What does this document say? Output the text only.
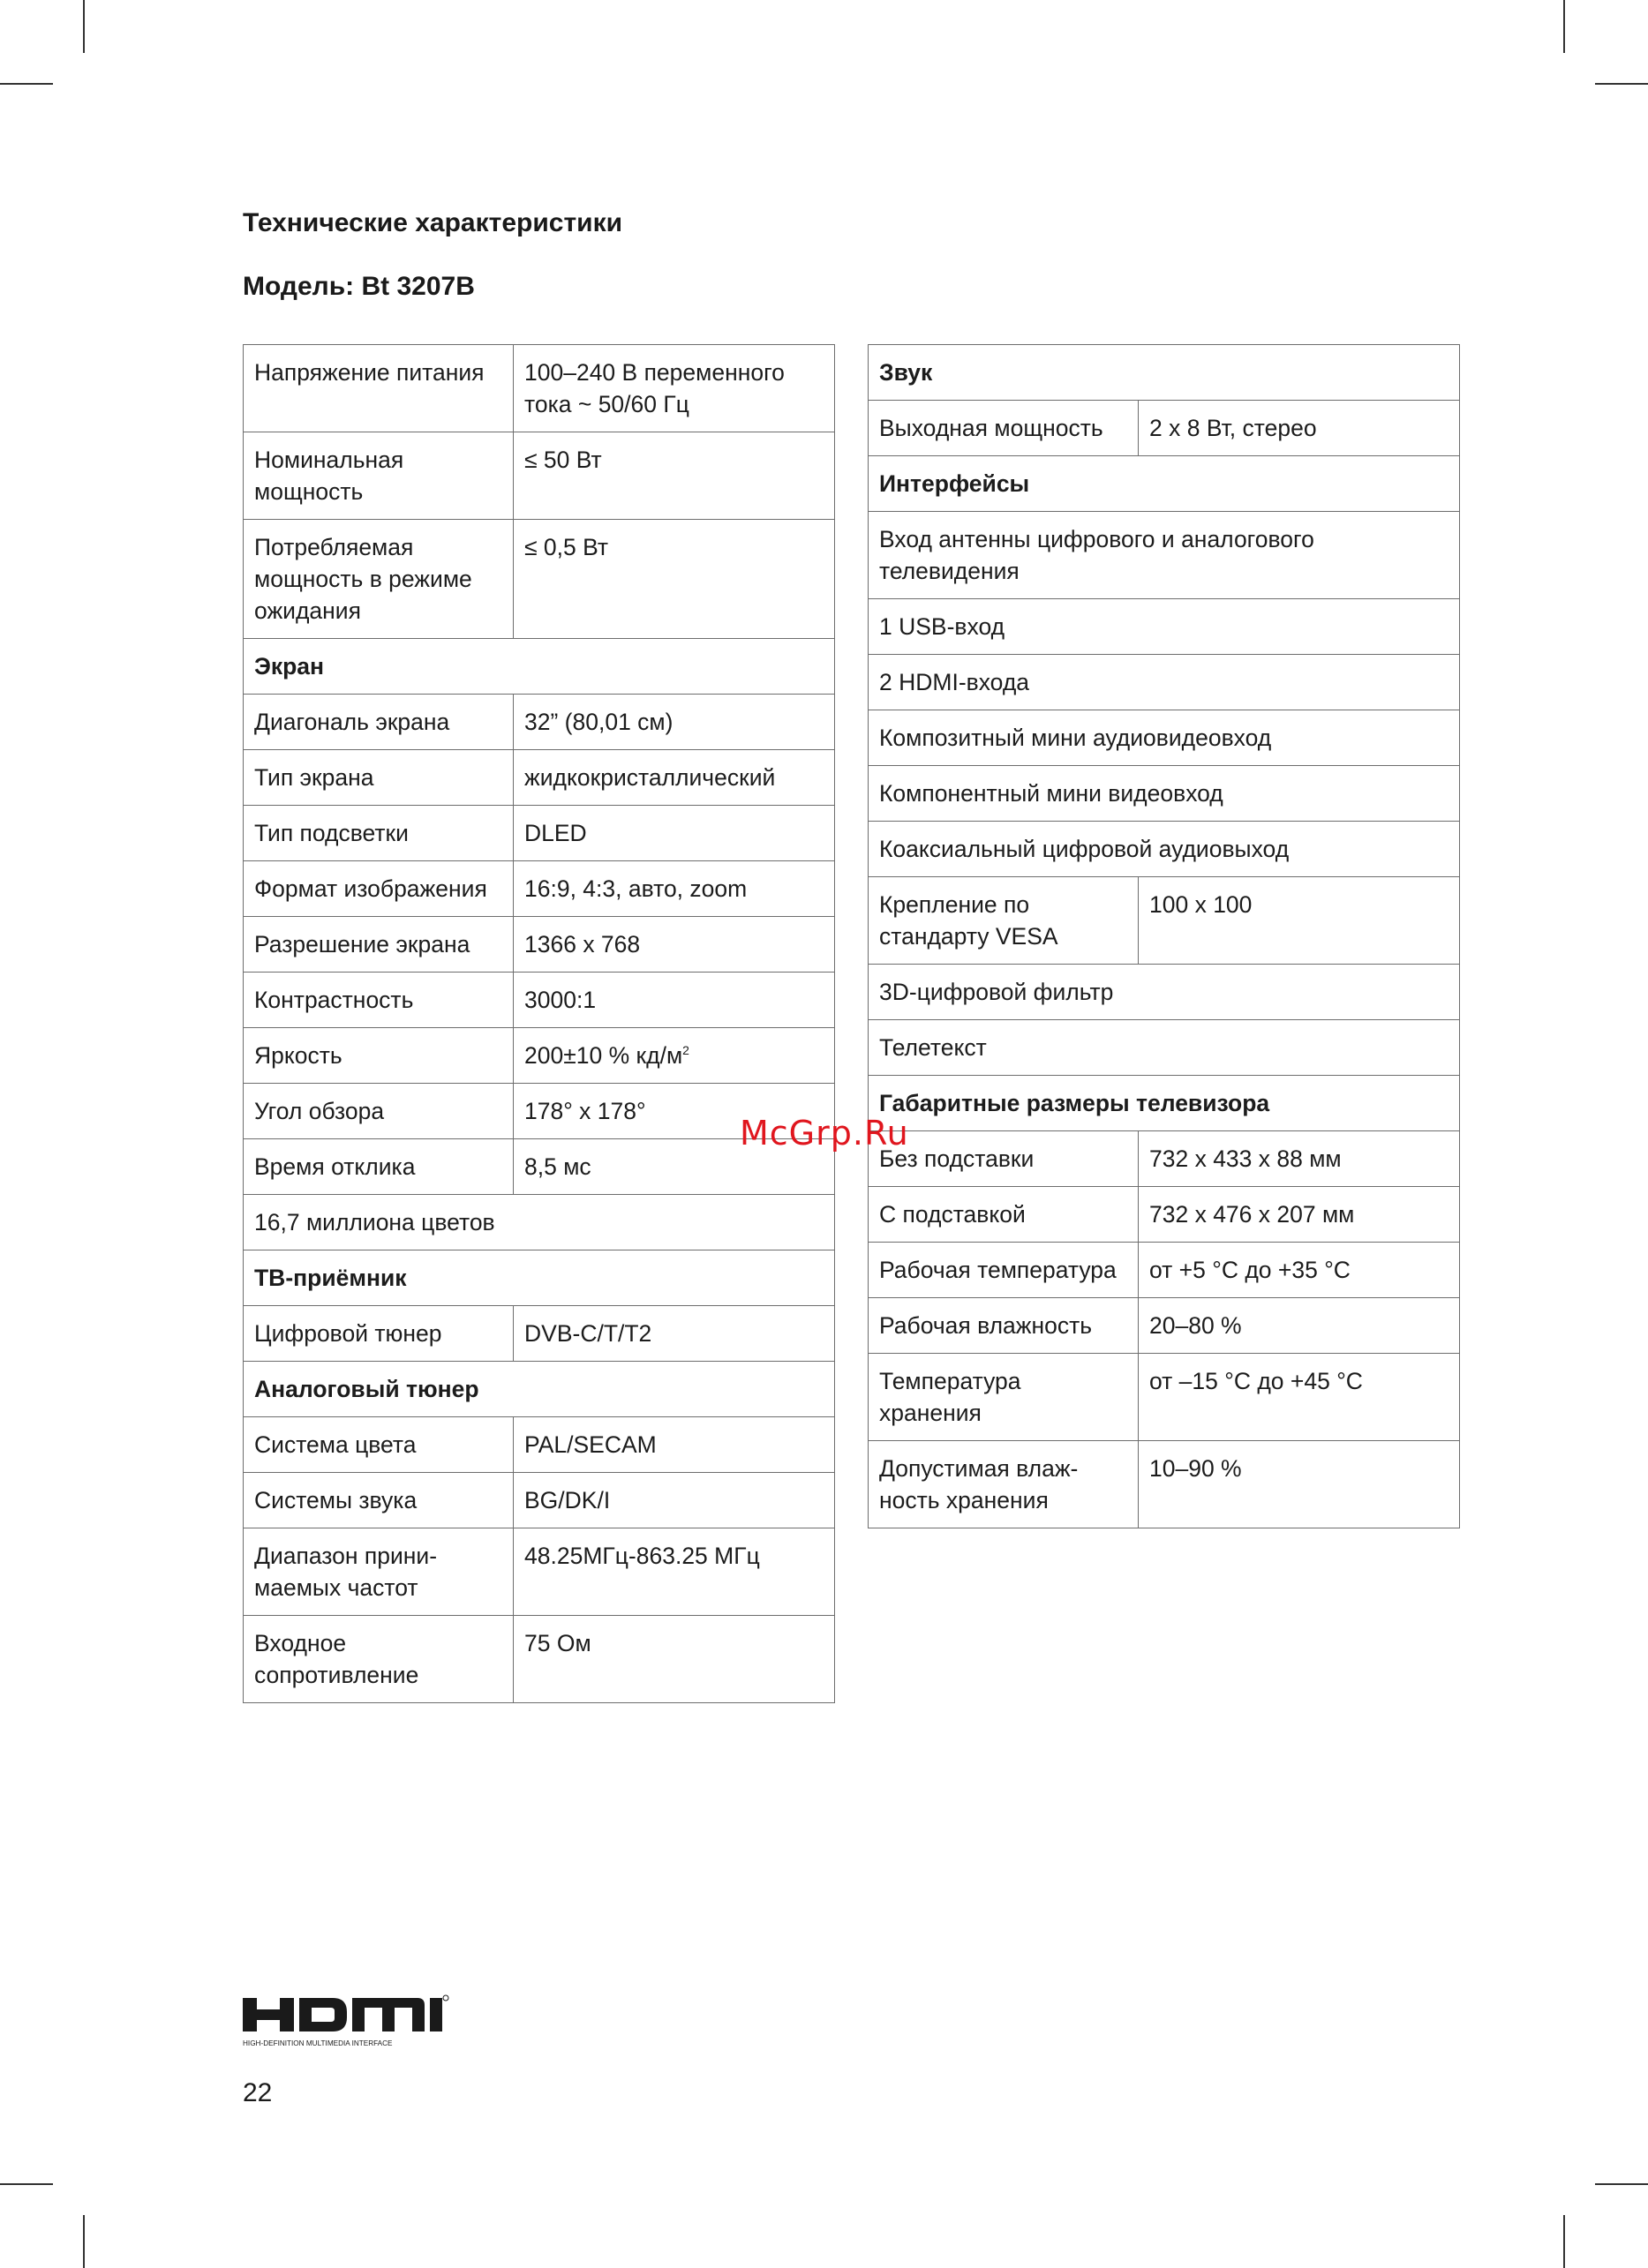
Технические характеристики
Модель: Bt 3207B
Напряжение питания	100–240 В переменного тока ~ 50/60 Гц
Номинальная мощность	≤ 50 Вт
Потребляемая мощность в режиме ожидания	≤ 0,5 Вт
Экран	
Диагональ экрана	32” (80,01 см)
Тип экрана	жидкокристаллический
Тип подсветки	DLED
Формат изображения	16:9, 4:3, авто, zoom
Разрешение экрана	1366 x 768
Контрастность	3000:1
Яркость	200±10 % $кд/м^2$
Угол обзора	178° x 178°
Время отклика	8,5 мс
16,7 миллиона цветов	
ТВ-приёмник	
Цифровой тюнер	DVB-C/T/T2
Аналоговый тюнер	
Система цвета	PAL/SECAM
Системы звука	BG/DK/I
Диапазон прини-маемых частот	48.25МГц-863.25 МГц
Входное сопротивление	75 Ом
Звук	
Выходная мощность	2 x 8 Вт, стерео
Интерфейсы	
Вход антенны цифрового и аналогового телевидения	
1 USB-вход	
2 HDMI-входа	
Композитный мини аудиовидеовход	
Компонентный мини видеовход	
Коаксиальный цифровой аудиовыход	
Крепление по стандарту VESA	100 x 100
3D-цифровой фильтр	
Телетекст	
Габаритные размеры телевизора	
Без подставки	732 x 433 x 88 мм
С подставкой	732 x 476 x 207 мм
Рабочая температура	от +5 °C до +35 °C
Рабочая влажность	20–80 %
Температура хранения	от –15 °C до +45 °C
Допустимая влаж-ность хранения	10–90 %
McGrp.Ru
HIGH-DEFINITION MULTIMEDIA INTERFACE
22
